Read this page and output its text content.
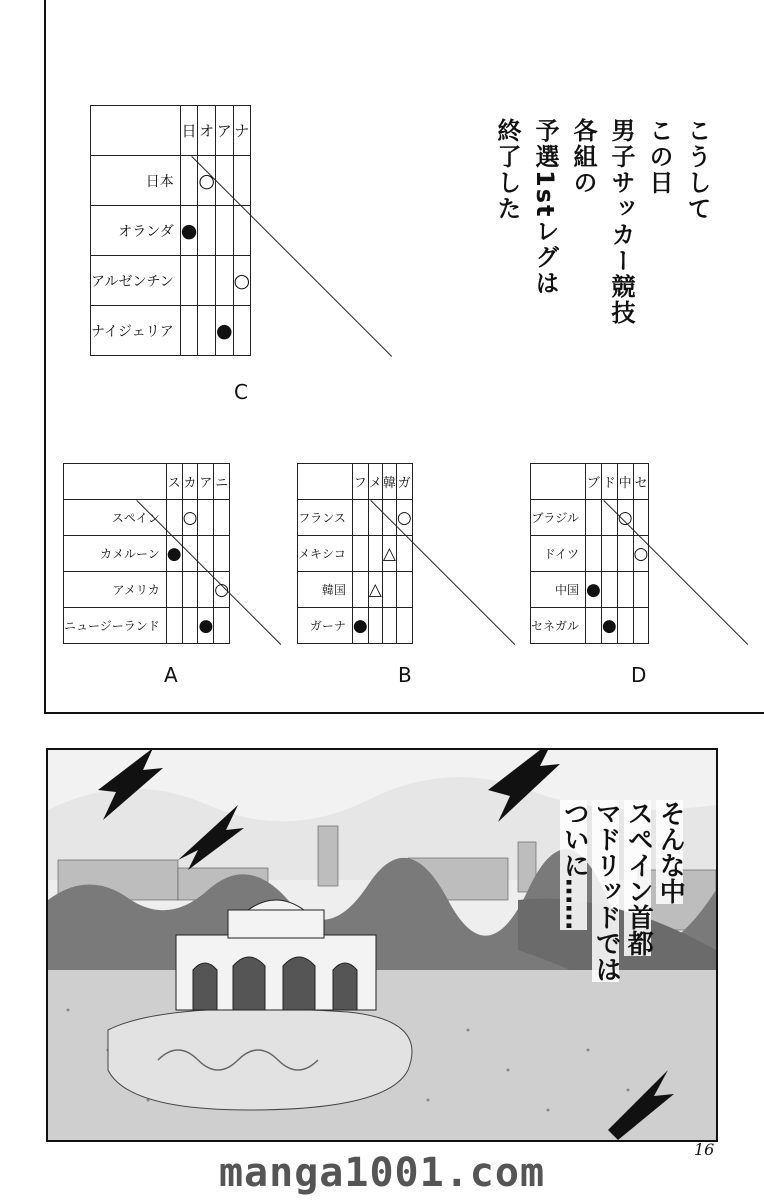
こうして
この日
男子サッカー競技
各組の
予選1stレグは
終了した
	日	オ	ア	ナ
日本		○		
オランダ	●			
アルゼンチン				○
ナイジェリア			●	
C
	ス	カ	ア	ニ
スペイン		○		
カメルーン	●			
アメリカ				○
ニュージーランド			●	
A
	フ	メ	韓	ガ
フランス				○
メキシコ			△	
韓国		△		
ガーナ	●			
B
	ブ	ド	中	セ
ブラジル			○	
ドイツ				○
中国	●			
セネガル		●		
D
そんな中
スペイン首都
マドリッドでは
ついに……
16
manga1001.com
